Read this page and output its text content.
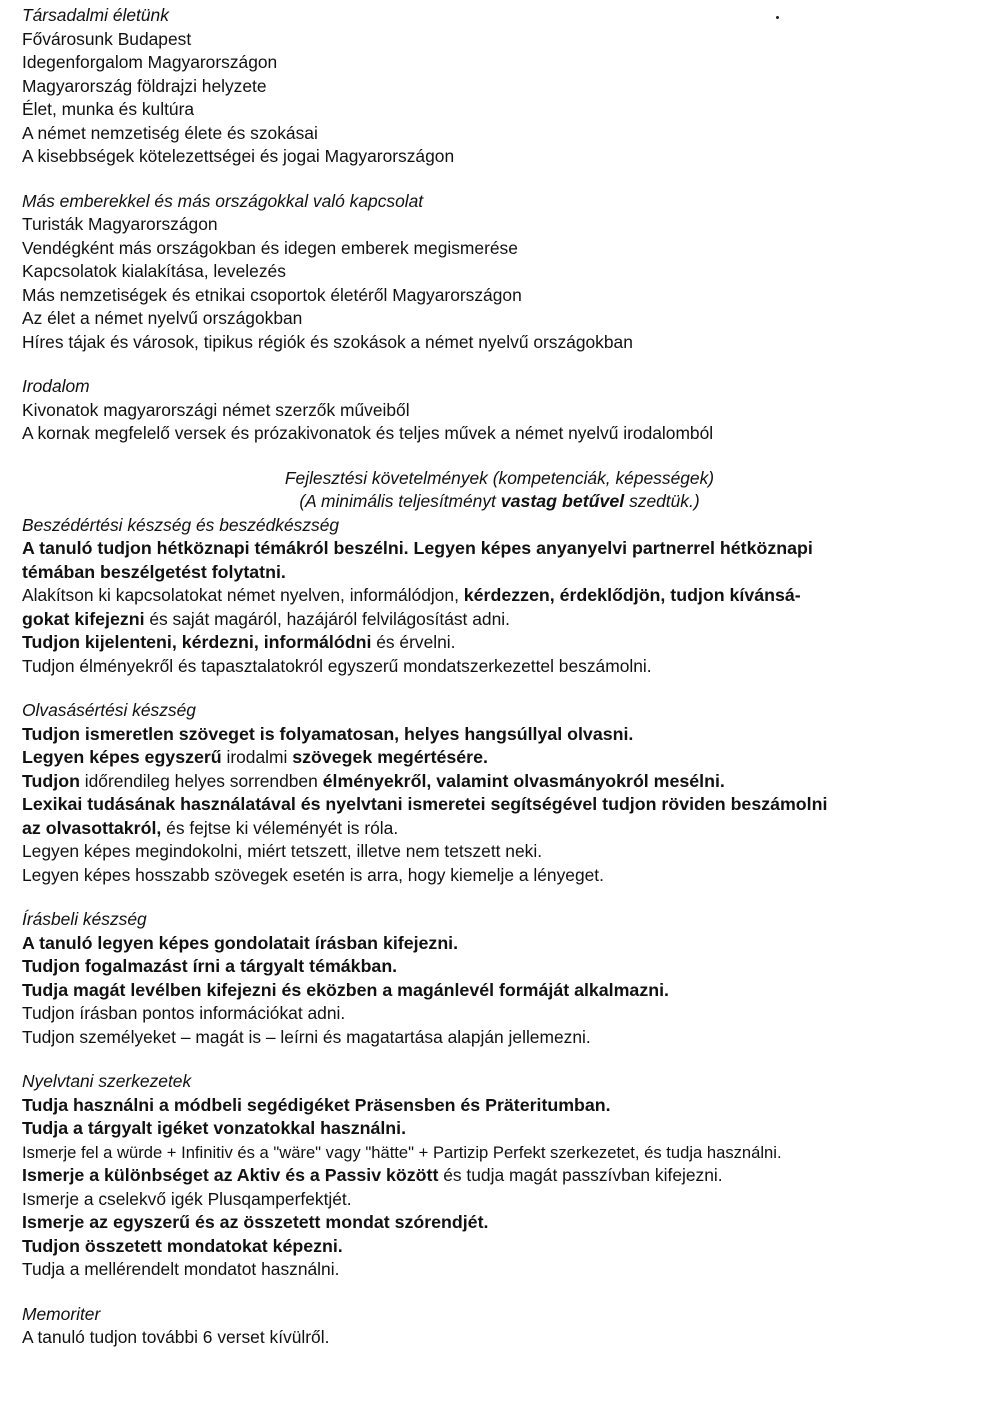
Társadalmi életünk
Fővárosunk Budapest
Idegenforgalom Magyarországon
Magyarország földrajzi helyzete
Élet, munka és kultúra
A német nemzetiség élete és szokásai
A kisebbségek kötelezettségei és jogai Magyarországon
Más emberekkel és más országokkal való kapcsolat
Turisták Magyarországon
Vendégként más országokban és idegen emberek megismerése
Kapcsolatok kialakítása, levelezés
Más nemzetiségek és etnikai csoportok életéről Magyarországon
Az élet a német nyelvű országokban
Híres tájak és városok, tipikus régiók és szokások a német nyelvű országokban
Irodalom
Kivonatok magyarországi német szerzők műveiből
A kornak megfelelő versek és prózakivonatok és teljes művek a német nyelvű irodalomból
Fejlesztési követelmények (kompetenciák, képességek)
(A minimális teljesítményt vastag betűvel szedtük.)
Beszédértési készség és beszédkészség
A tanuló tudjon hétköznapi témákról beszélni. Legyen képes anyanyelvi partnerrel hétköznapi
témában beszélgetést folytatni.
Alakítson ki kapcsolatokat német nyelven, informálódjon, kérdezzen, érdeklődjön, tudjon kívánsá-
gokat kifejezni és saját magáról, hazájáról felvilágosítást adni.
Tudjon kijelenteni, kérdezni, informálódni és érvelni.
Tudjon élményekről és tapasztalatokról egyszerű mondatszerkezettel beszámolni.
Olvasásértési készség
Tudjon ismeretlen szöveget is folyamatosan, helyes hangsúllyal olvasni.
Legyen képes egyszerű irodalmi szövegek megértésére.
Tudjon időrendileg helyes sorrendben élményekről, valamint olvasmányokról mesélni.
Lexikai tudásának használatával és nyelvtani ismeretei segítségével tudjon röviden beszámolni
az olvasottakról, és fejtse ki véleményét is róla.
Legyen képes megindokolni, miért tetszett, illetve nem tetszett neki.
Legyen képes hosszabb szövegek esetén is arra, hogy kiemelje a lényeget.
Írásbeli készség
A tanuló legyen képes gondolatait írásban kifejezni.
Tudjon fogalmazást írni a tárgyalt témákban.
Tudja magát levélben kifejezni és eközben a magánlevél formáját alkalmazni.
Tudjon írásban pontos információkat adni.
Tudjon személyeket – magát is – leírni és magatartása alapján jellemezni.
Nyelvtani szerkezetek
Tudja használni a módbeli segédigéket Präsensben és Präteritumban.
Tudja a tárgyalt igéket vonzatokkal használni.
Ismerje fel a würde + Infinitiv és a "wäre" vagy "hätte" + Partizip Perfekt szerkezetet, és tudja használni.
Ismerje a különbséget az Aktiv és a Passiv között és tudja magát passzívban kifejezni.
Ismerje a cselekvő igék Plusqamperfektjét.
Ismerje az egyszerű és az összetett mondat szórendjét.
Tudjon összetett mondatokat képezni.
Tudja a mellérendelt mondatot használni.
Memoriter
A tanuló tudjon további 6 verset kívülről.
